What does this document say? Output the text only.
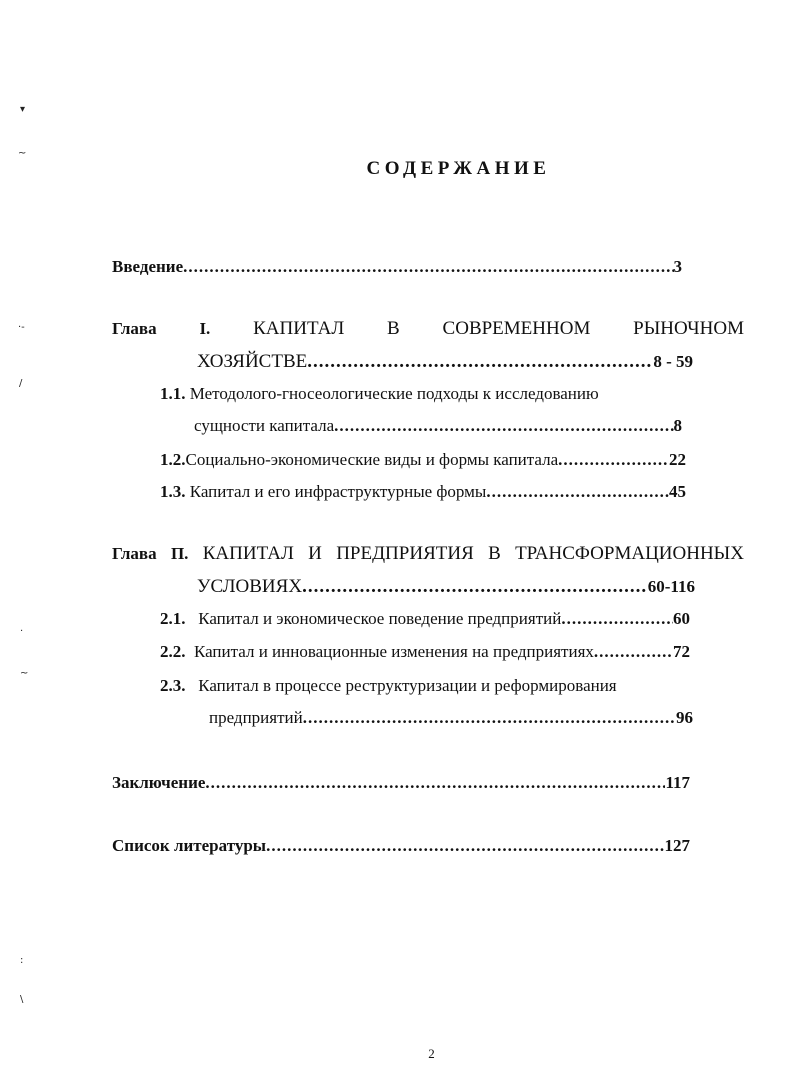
▾
~
·-
/
·
~
:
\
СОДЕРЖАНИЕ
Введение .....	3
Глава	I. КАПИТАЛ В СОВРЕМЕННОМ РЫНОЧНОМ
ХОЗЯЙСТВЕ .....	8 - 59
1.1.
Методолого-гносеологические подходы к исследованию
сущности капитала .....	8
1.2. Социально-экономические виды и формы капитала .....	22
1.3.
Капитал и его инфраструктурные формы .....	45
Глава П. КАПИТАЛ И ПРЕДПРИЯТИЯ В ТРАНСФОРМАЦИОННЫХ
УСЛОВИЯХ .....	60-116
2.1.
Капитал и экономическое поведение предприятий .....	60
2.2.
Капитал и инновационные изменения на предприятиях .....	72
2.3.
Капитал в процессе реструктуризации и реформирования
предприятий .....	96
Заключение .....	117
Список литературы .....	127
2
